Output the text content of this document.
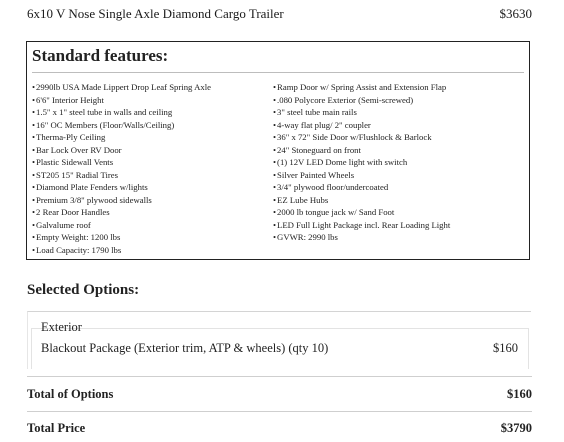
6x10 V Nose Single Axle Diamond Cargo Trailer	$3630
Standard features:
• 2990lb USA Made Lippert Drop Leaf Spring Axle
• 6'6" Interior Height
• 1.5" x 1" steel tube in walls and ceiling
• 16" OC Members (Floor/Walls/Ceiling)
• Therma-Ply Ceiling
• Bar Lock Over RV Door
• Plastic Sidewall Vents
• ST205 15" Radial Tires
• Diamond Plate Fenders w/lights
• Premium 3/8" plywood sidewalls
• 2 Rear Door Handles
• Galvalume roof
• Empty Weight: 1200 lbs
• Load Capacity: 1790 lbs
• Ramp Door w/ Spring Assist and Extension Flap
• .080 Polycore Exterior (Semi-screwed)
• 3" steel tube main rails
• 4-way flat plug/ 2" coupler
• 36" x 72" Side Door w/Flushlock & Barlock
• 24" Stoneguard on front
• (1) 12V LED Dome light with switch
• Silver Painted Wheels
• 3/4" plywood floor/undercoated
• EZ Lube Hubs
• 2000 lb tongue jack w/ Sand Foot
• LED Full Light Package incl. Rear Loading Light
• GVWR: 2990 lbs
Selected Options:
Exterior
Blackout Package (Exterior trim, ATP & wheels) (qty 10)	$160
Total of Options	$160
Total Price	$3790
